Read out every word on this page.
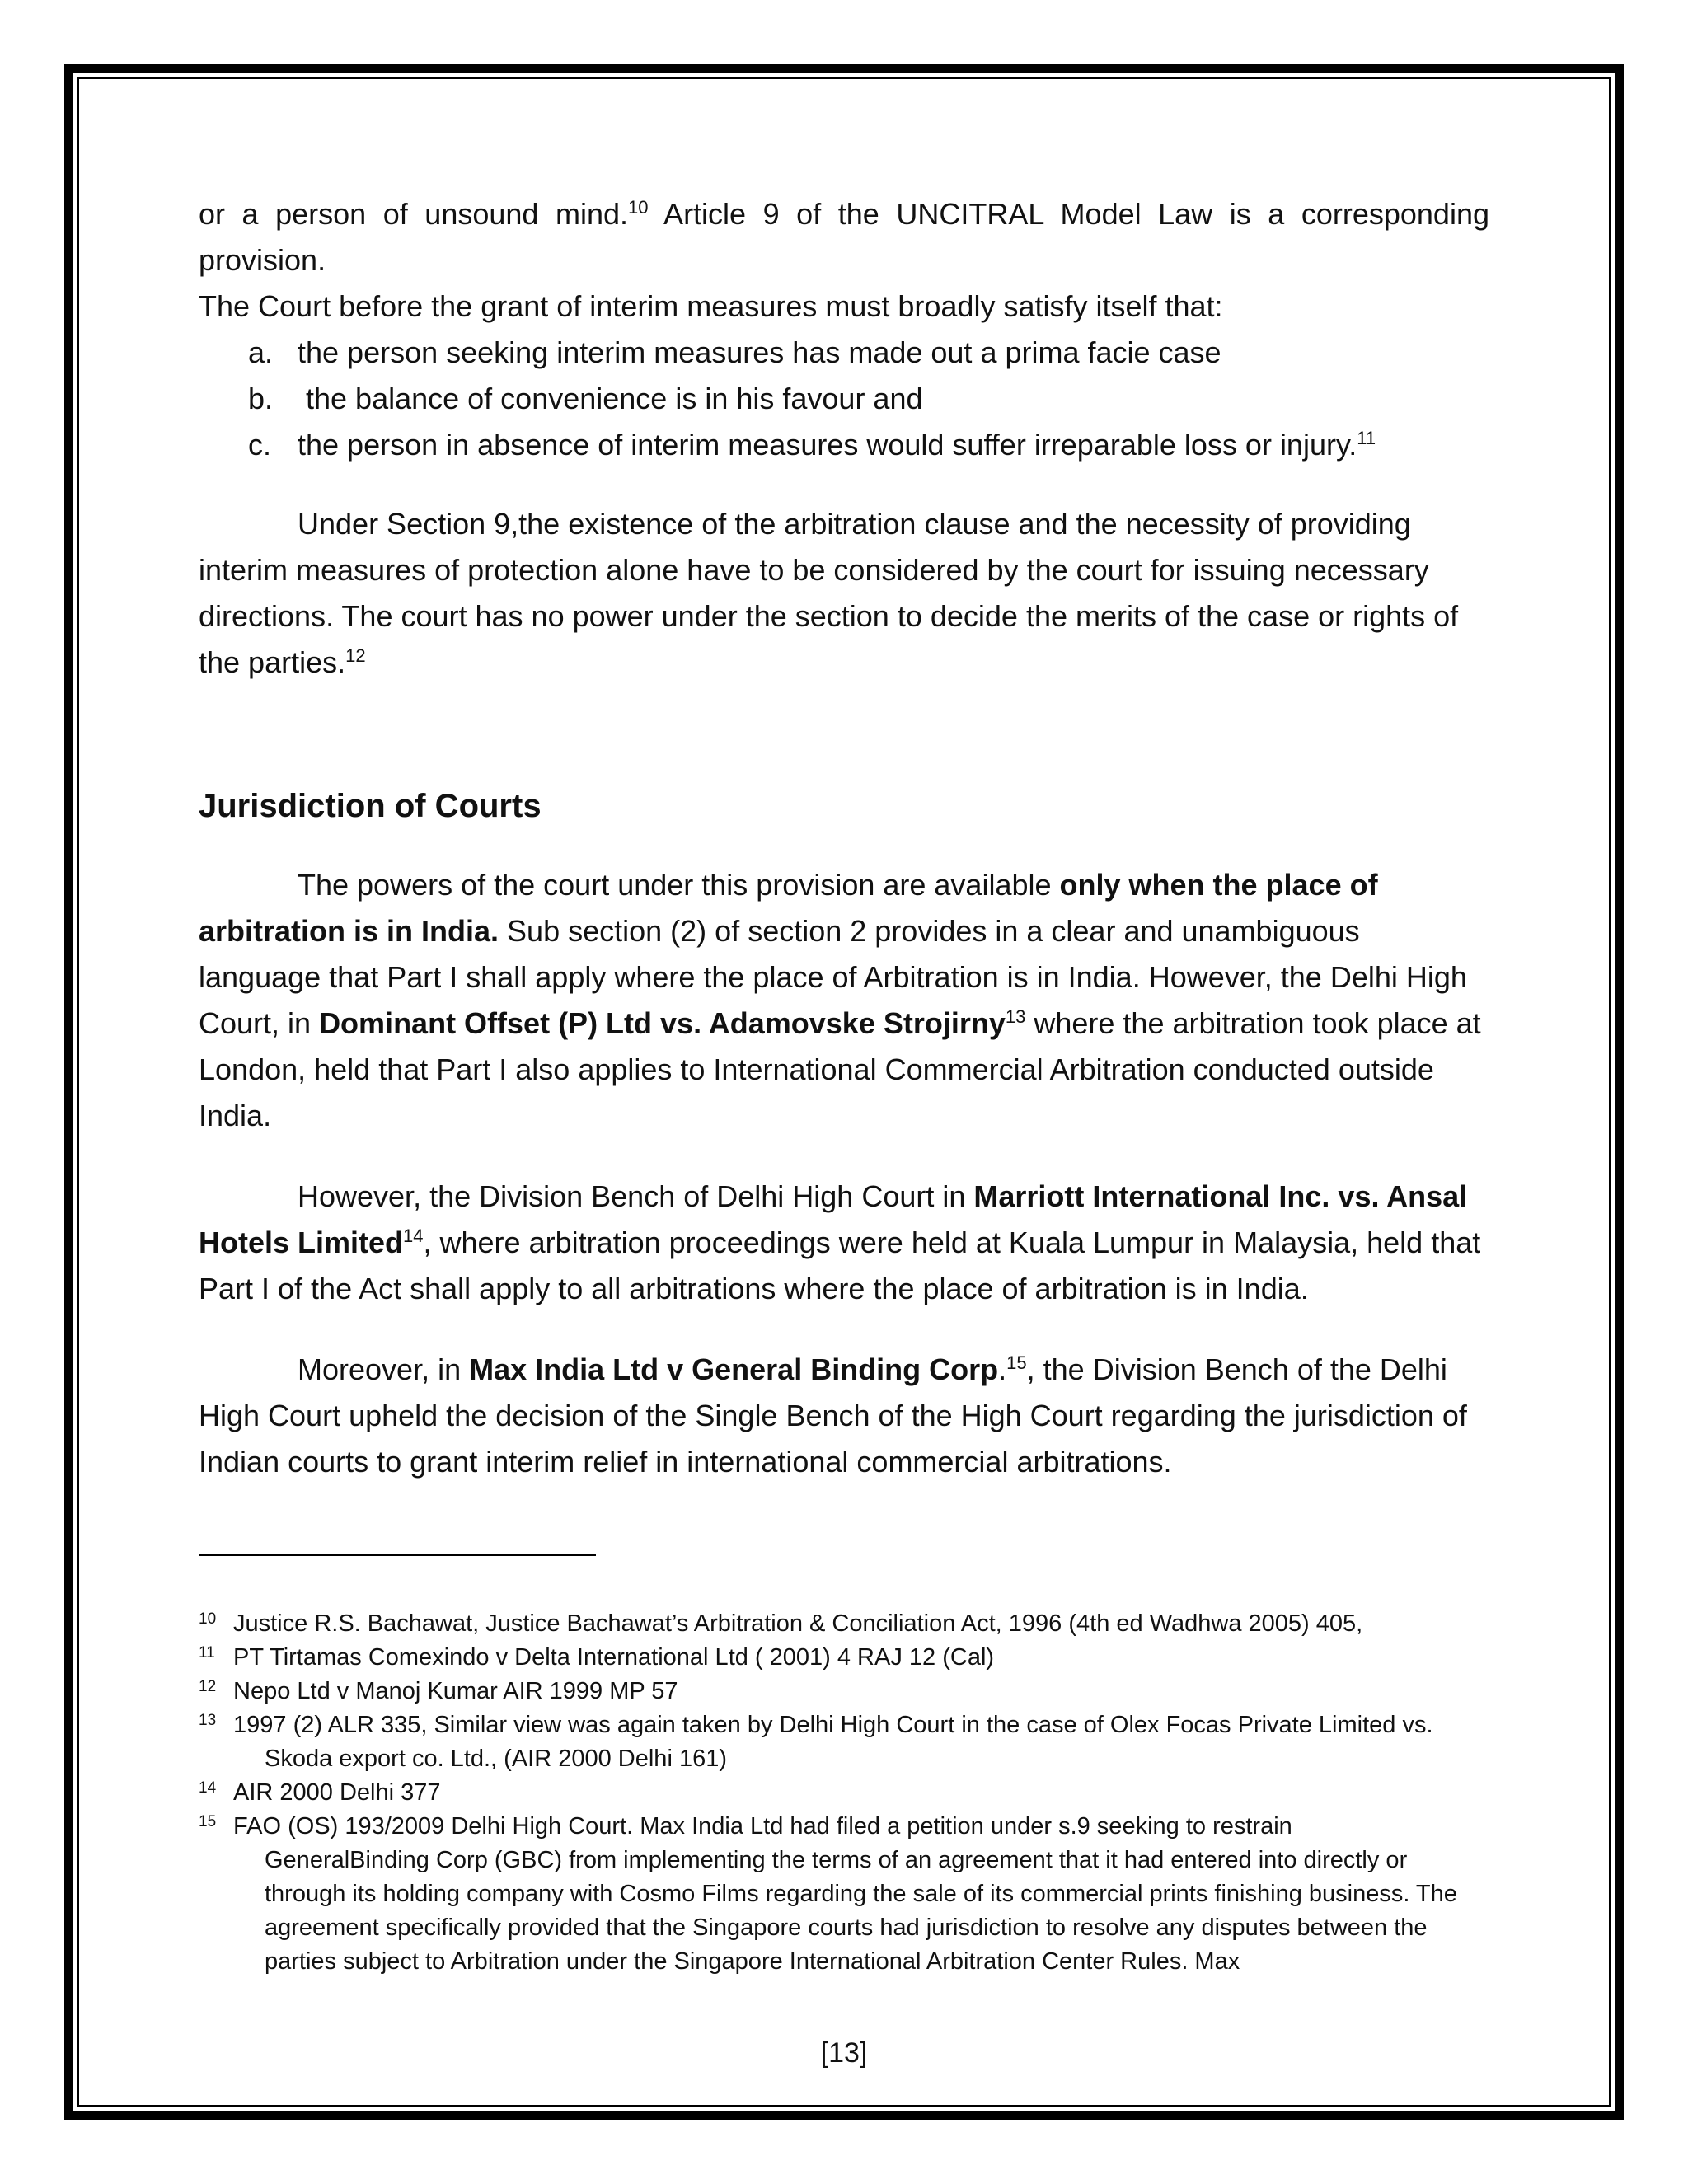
or a person of unsound mind.$^{10}$ Article 9 of the UNCITRAL Model Law is a corresponding provision.

The Court before the grant of interim measures must broadly satisfy itself that:

a. the person seeking interim measures has made out a prima facie case
b. the balance of convenience is in his favour and
c. the person in absence of interim measures would suffer irreparable loss or injury.$^{11}$

Under Section 9,the existence of the arbitration clause and the necessity of providing interim measures of protection alone have to be considered by the court for issuing necessary directions. The court has no power under the section to decide the merits of the case or rights of the parties.$^{12}$

Jurisdiction of Courts

The powers of the court under this provision are available only when the place of arbitration is in India. Sub section (2) of section 2 provides in a clear and unambiguous language that Part I shall apply where the place of Arbitration is in India. However, the Delhi High Court, in Dominant Offset (P) Ltd vs. Adamovske Strojirny$^{13}$ where the arbitration took place at London, held that Part I also applies to International Commercial Arbitration conducted outside India.

However, the Division Bench of Delhi High Court in Marriott International Inc. vs. Ansal Hotels Limited$^{14}$, where arbitration proceedings were held at Kuala Lumpur in Malaysia, held that Part I of the Act shall apply to all arbitrations where the place of arbitration is in India.

Moreover, in Max India Ltd v General Binding Corp.$^{15}$, the Division Bench of the Delhi High Court upheld the decision of the Single Bench of the High Court regarding the jurisdiction of Indian courts to grant interim relief in international commercial arbitrations.

10 Justice R.S. Bachawat, Justice Bachawat’s Arbitration & Conciliation Act, 1996 (4th ed Wadhwa 2005) 405,

11 PT Tirtamas Comexindo v Delta International Ltd ( 2001) 4 RAJ 12 (Cal)

12 Nepo Ltd v Manoj Kumar AIR 1999 MP 57

13 1997 (2) ALR 335, Similar view was again taken by Delhi High Court in the case of Olex Focas Private Limited vs.
Skoda export co. Ltd., (AIR 2000 Delhi 161)

14 AIR 2000 Delhi 377

15 FAO (OS) 193/2009 Delhi High Court. Max India Ltd had filed a petition under s.9 seeking to restrain
GeneralBinding Corp (GBC) from implementing the terms of an agreement that it had entered into directly or through its holding company with Cosmo Films regarding the sale of its commercial prints finishing business. The agreement specifically provided that the Singapore courts had jurisdiction to resolve any disputes between the parties subject to Arbitration under the Singapore International Arbitration Center Rules. Max

[13]
